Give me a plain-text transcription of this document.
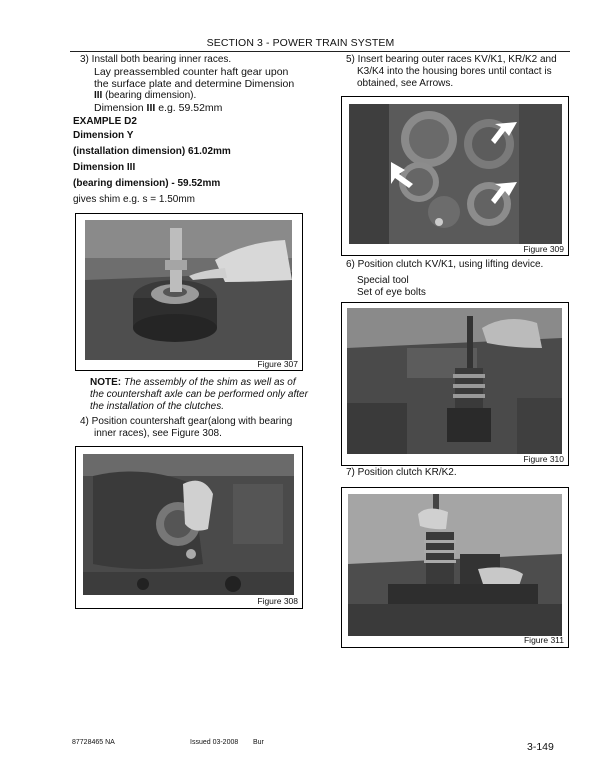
SECTION 3 - POWER TRAIN SYSTEM
3) Install both bearing inner races.
Lay preassembled counter haft gear upon
the surface plate and determine Dimension
III (bearing dimension).
Dimension III e.g. 59.52mm
EXAMPLE D2
Dimension Y
(installation dimension) 61.02mm
Dimension III
(bearing dimension) - 59.52mm
gives shim e.g. s = 1.50mm
Figure 307
NOTE: The assembly of the shim as well as of
the countershaft axle can be performed only after
the installation of the clutches.
4) Position countershaft gear(along with bearing
inner races), see Figure 308.
Figure 308
5) Insert bearing outer races KV/K1, KR/K2 and
K3/K4 into the housing bores until contact is
obtained, see Arrows.
Figure 309
6) Position clutch KV/K1, using lifting device.
Special tool
Set of eye bolts
Figure 310
7) Position clutch KR/K2.
Figure 311
87728465 NA	Issued 03-2008 Bur	3-149
